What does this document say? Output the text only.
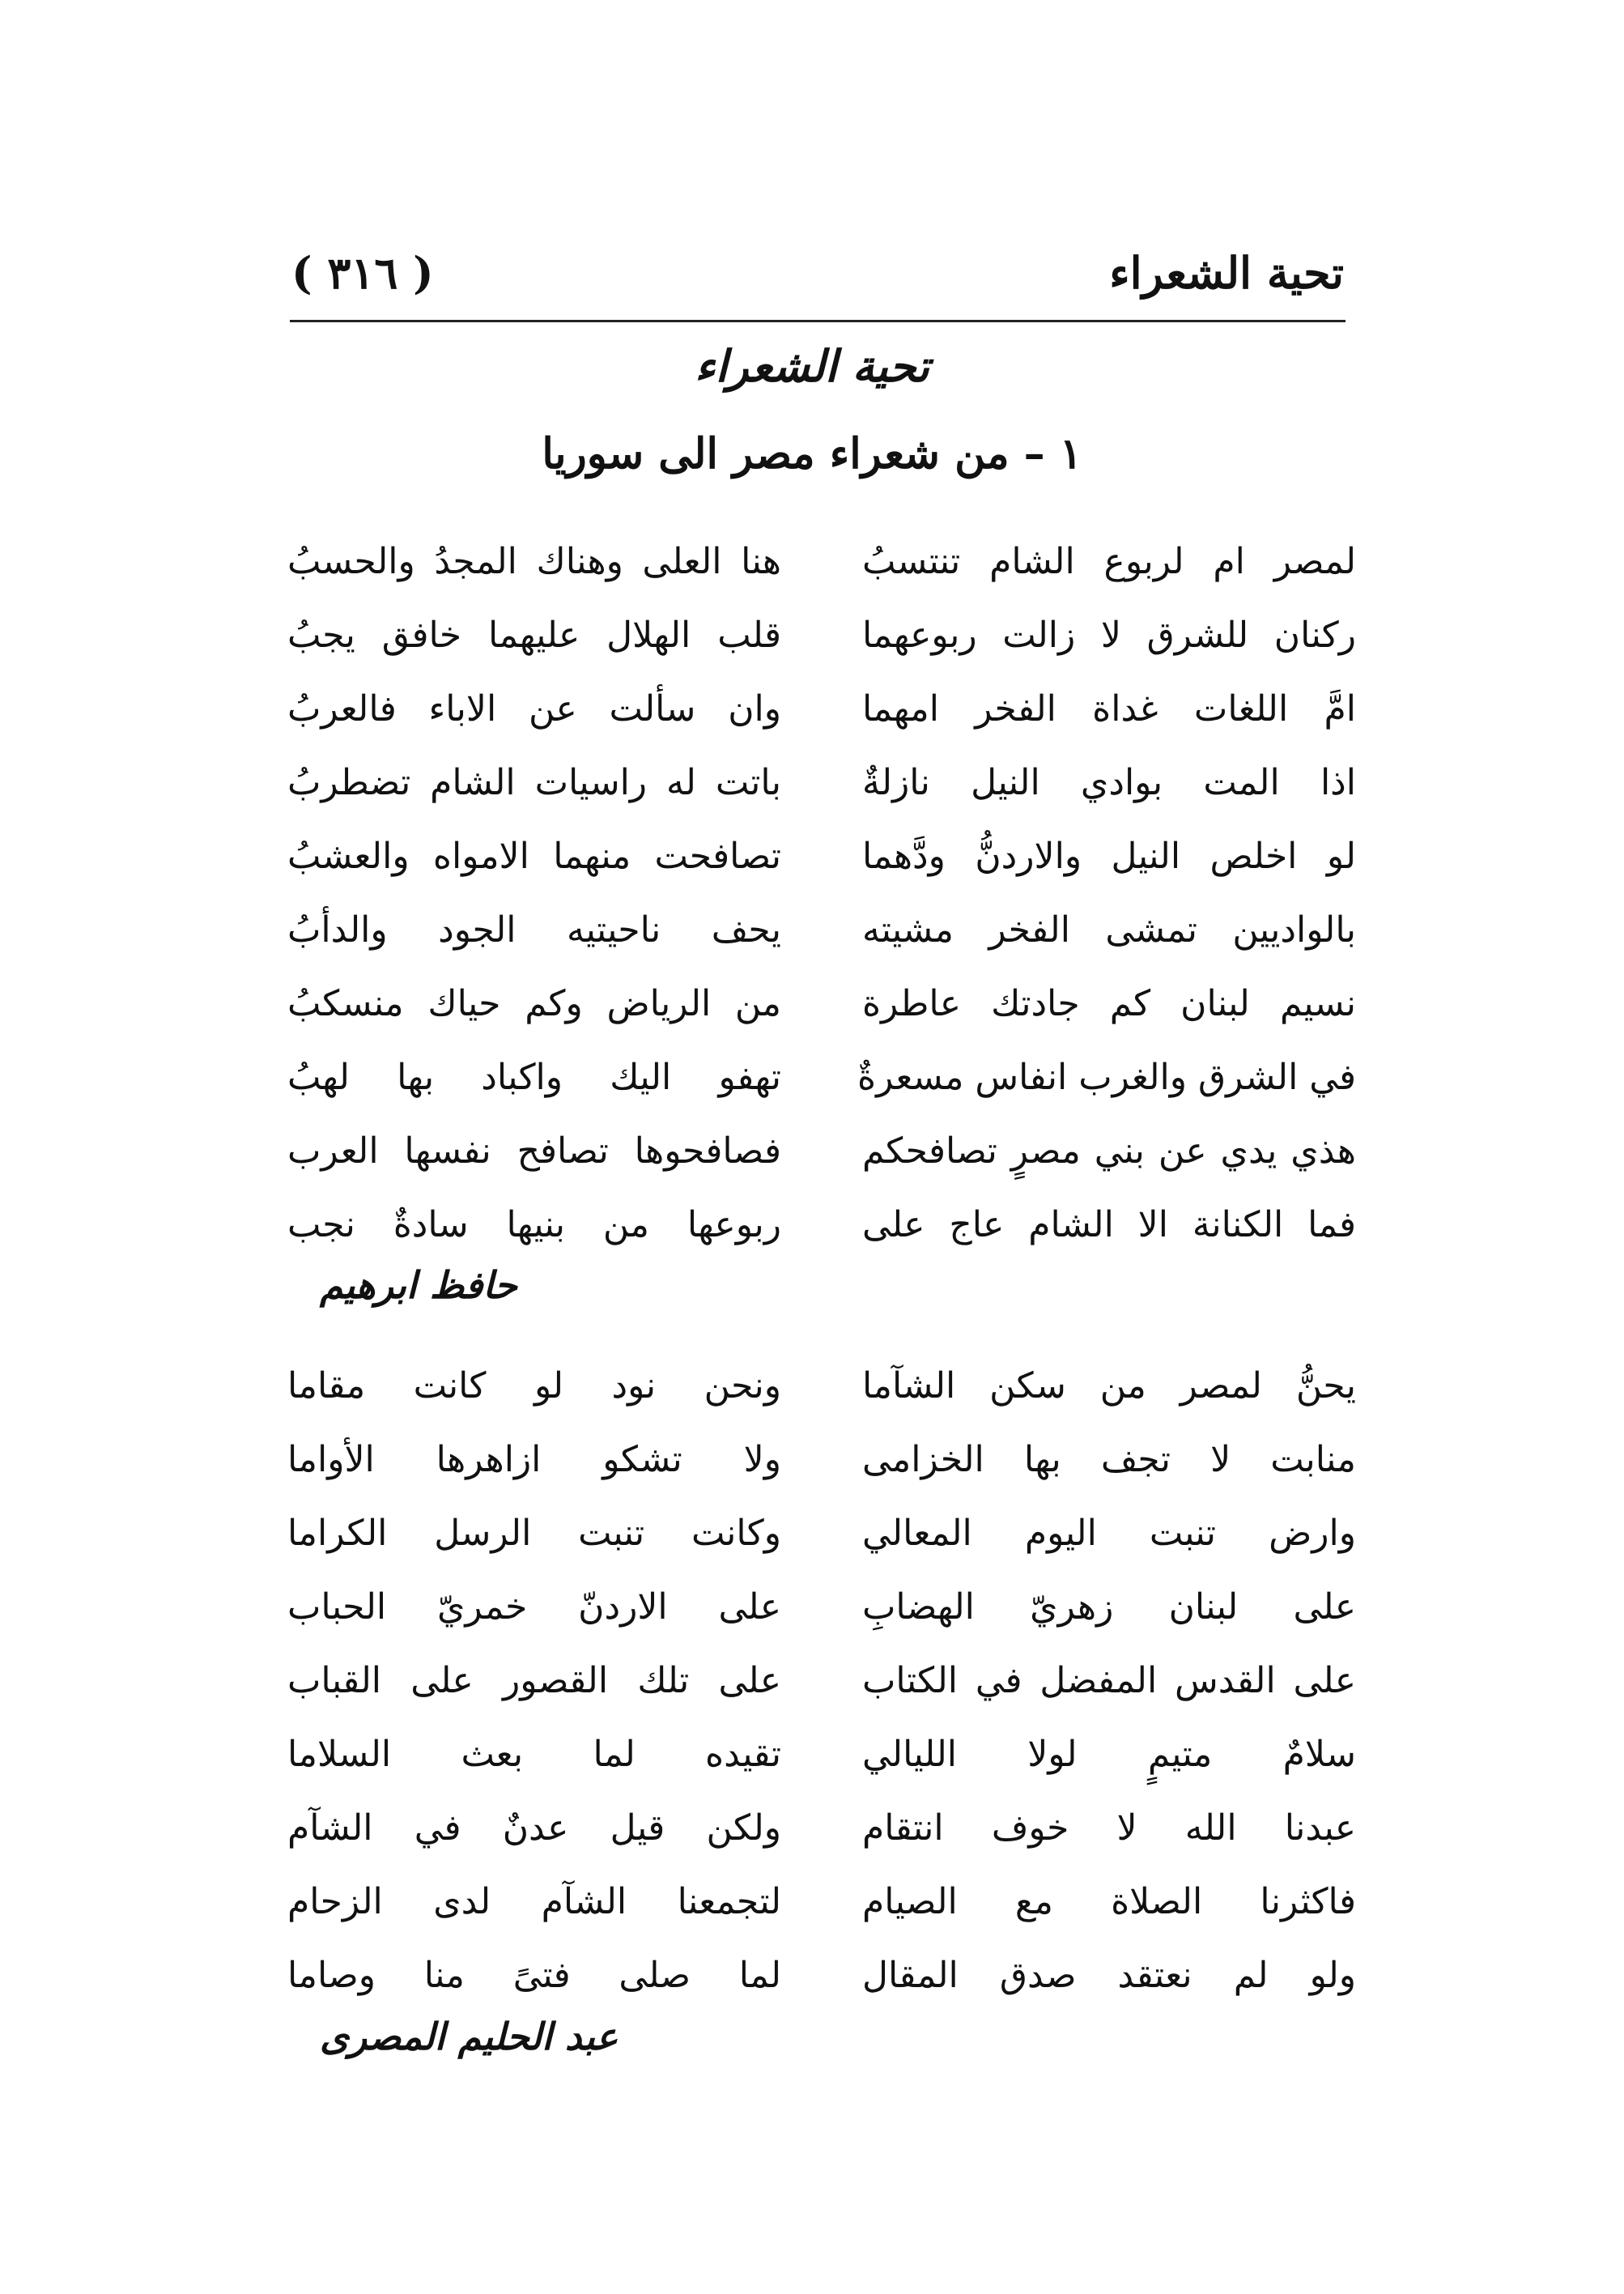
تحية الشعراء
( ٣١٦ )
تحية الشعراء
١ – من شعراء مصر الى سوريا
لمصر ام لربوع الشام تنتسبُ
هنا العلى وهناك المجدُ والحسبُ
ركنان للشرق لا زالت ربوعهما
قلب الهلال عليهما خافق يجبُ
امَّ اللغات غداة الفخر امهما
وان سألت عن الاباء فالعربُ
اذا المت بوادي النيل نازلةٌ
باتت له راسيات الشام تضطربُ
لو اخلص النيل والاردنُّ ودَّهما
تصافحت منهما الامواه والعشبُ
بالواديين تمشى الفخر مشيته
يحف ناحيتيه الجود والدأبُ
نسيم لبنان كم جادتك عاطرة
من الرياض وكم حياك منسكبُ
في الشرق والغرب انفاس مسعرةٌ
تهفو اليك واكباد بها لهبُ
هذي يدي عن بني مصرٍ تصافحكم
فصافحوها تصافح نفسها العرب
فما الكنانة الا الشام عاج على
ربوعها من بنيها سادةٌ نجب
حافظ ابرهيم
يحنُّ لمصر من سكن الشآما
ونحن نود لو كانت مقاما
منابت لا تجف بها الخزامى
ولا تشكو ازاهرها الأواما
وارض تنبت اليوم المعالي
وكانت تنبت الرسل الكراما
على لبنان زهريّ الهضابِ
على الاردنّ خمريّ الحباب
على القدس المفضل في الكتاب
على تلك القصور على القباب
سلامٌ متيمٍ لولا الليالي
تقيده لما بعث السلاما
عبدنا الله لا خوف انتقام
ولكن قيل عدنٌ في الشآم
فاكثرنا الصلاة مع الصيام
لتجمعنا الشآم لدى الزحام
ولو لم نعتقد صدق المقال
لما صلى فتىً منا وصاما
عبد الحليم المصرى
